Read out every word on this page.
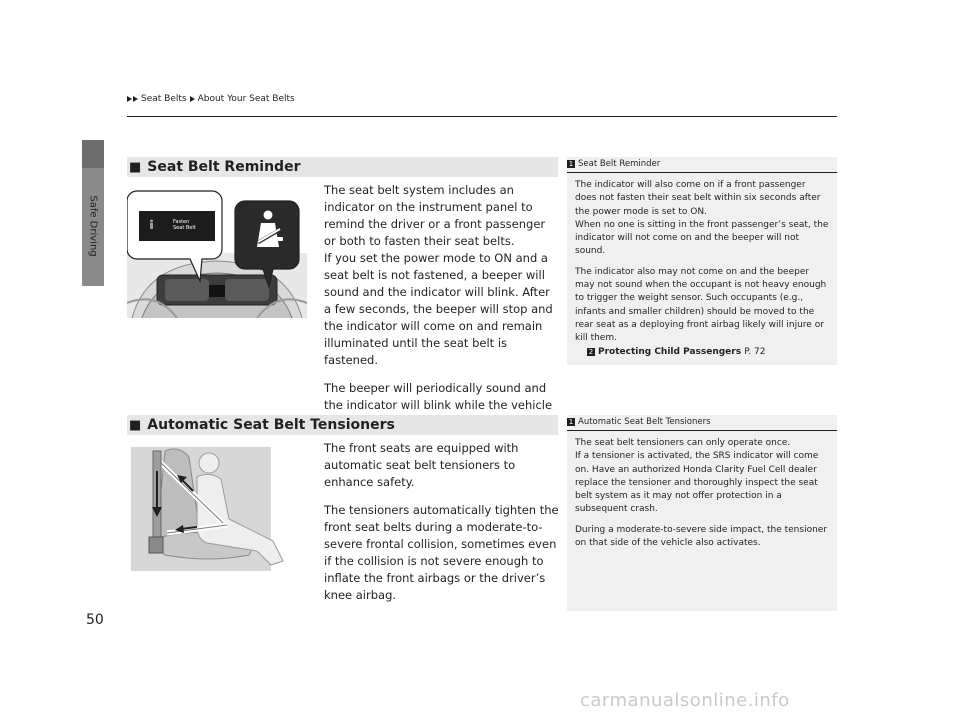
Safe Driving
Seat Belts About Your Seat Belts
■ Seat Belt Reminder
Fasten
Seat Belt

The seat belt system includes an indicator on the instrument panel to remind the driver or a front passenger or both to fasten their seat belts.

If you set the power mode to ON and a seat belt is not fastened, a beeper will sound and the indicator will blink. After a few seconds, the beeper will stop and the indicator will come on and remain illuminated until the seat belt is fastened.

The beeper will periodically sound and the indicator will blink while the vehicle

1 Seat Belt Reminder

The indicator will also come on if a front passenger does not fasten their seat belt within six seconds after the power mode is set to ON.

When no one is sitting in the front passenger’s seat, the indicator will not come on and the beeper will not sound.

The indicator also may not come on and the beeper may not sound when the occupant is not heavy enough to trigger the weight sensor. Such occupants (e.g., infants and smaller children) should be moved to the rear seat as a deploying front airbag likely will injure or kill them.

2 Protecting Child Passengers P. 72
■ Automatic Seat Belt Tensioners

The front seats are equipped with automatic seat belt tensioners to enhance safety.

The tensioners automatically tighten the front seat belts during a moderate-to-severe frontal collision, sometimes even if the collision is not severe enough to inflate the front airbags or the driver’s knee airbag.

1 Automatic Seat Belt Tensioners

The seat belt tensioners can only operate once.

If a tensioner is activated, the SRS indicator will come on. Have an authorized Honda Clarity Fuel Cell dealer replace the tensioner and thoroughly inspect the seat belt system as it may not offer protection in a subsequent crash.

During a moderate-to-severe side impact, the tensioner on that side of the vehicle also activates.

50
carmanualsonline.info
